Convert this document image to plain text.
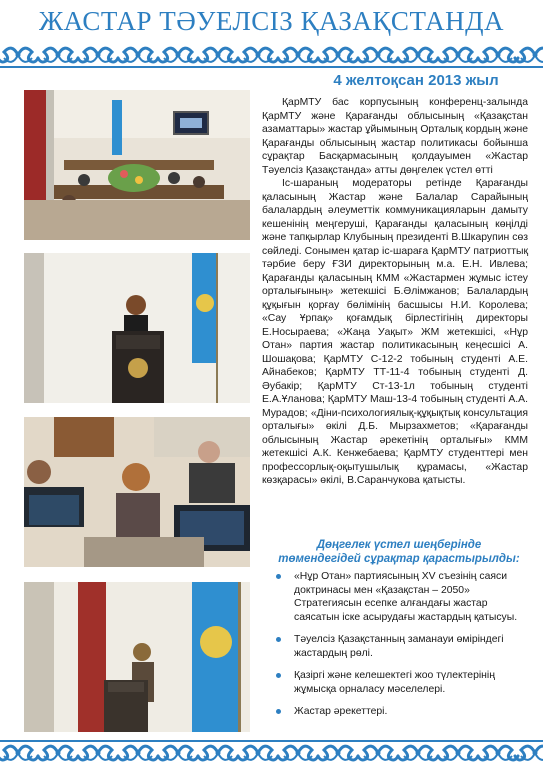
ЖАСТАР ТӘУЕЛСІЗ ҚАЗАҚСТАНДА
4 желтоқсан 2013 жыл

ҚарМТУ бас корпусының конференц-залында ҚарМТУ және Қарағанды облысының «Қазақстан азаматтары» жастар ұйымының Орталық кордың және Қарағанды облысының жастар политикасы бойынша сұрақтар Басқармасының қолдауымен «Жастар Тәуелсіз Қазақстанда» атты дөңгелек үстел өтті

Іс-шараның модераторы ретінде Қарағанды қаласының Жастар және Балалар Сарайының балалардың әлеуметтік коммуникацияларын дамыту кешенінің меңгеруші, Қарағанды қаласының көңілді және тапқырлар Клубының президенті В.Шкарупин сөз сөйледі. Сонымен қатар іс-шараға ҚарМТУ патриоттық тәрбие беру ҒЗИ директорының м.а. Е.Н. Ивлева; Қарағанды қаласының КММ «Жастармен жұмыс істеу орталығының» жетекшісі Б.Әлімжанов; Балалардың құқығын қорғау бөлімінің басшысы Н.И. Королева; «Сау Ұрпақ» қоғамдық бірлестігінің директоры Е.Носыраева; «Жаңа Уақыт» ЖМ жетекшісі, «Нұр Отан» партия жастар политикасының кеңесшісі А. Шошақова; ҚарМТУ С-12-2 тобының студенті А.Е. Айнабеков; ҚарМТУ ТТ-11-4 тобының студенті Д. Әубакір; ҚарМТУ Ст-13-1л тобының студенті Е.А.Ұланова; ҚарМТУ Маш-13-4 тобының студенті А.А. Мурадов; «Діни-психологиялық-құқықтық консультация орталығы» өкілі Д.Б. Мырзахметов; «Қарағанды облысының Жастар әрекетінің орталығы» КММ жетекшісі А.К. Кенжебаева; ҚарМТУ студенттері мен профессорлық-оқытушылық құрамасы, «Жастар көзқарасы» өкілі, В.Саранчукова қатысты.

Дөңгелек үстел шеңберінде төмендегідей сұрақтар қарастырылды:
«Нұр Отан» партиясының XV съезінің саяси доктринасы мен «Қазақстан – 2050» Стратегиясын есепке алғандағы жастар саясатын іске асырудағы жастардың қатысуы.
Тәуелсіз Қазақстанның заманауи өміріндегі жастардың рөлі.
Қазіргі және келешектегі жоо түлектерінің жұмысқа орналасу мәселелері.
Жастар әрекеттері.
